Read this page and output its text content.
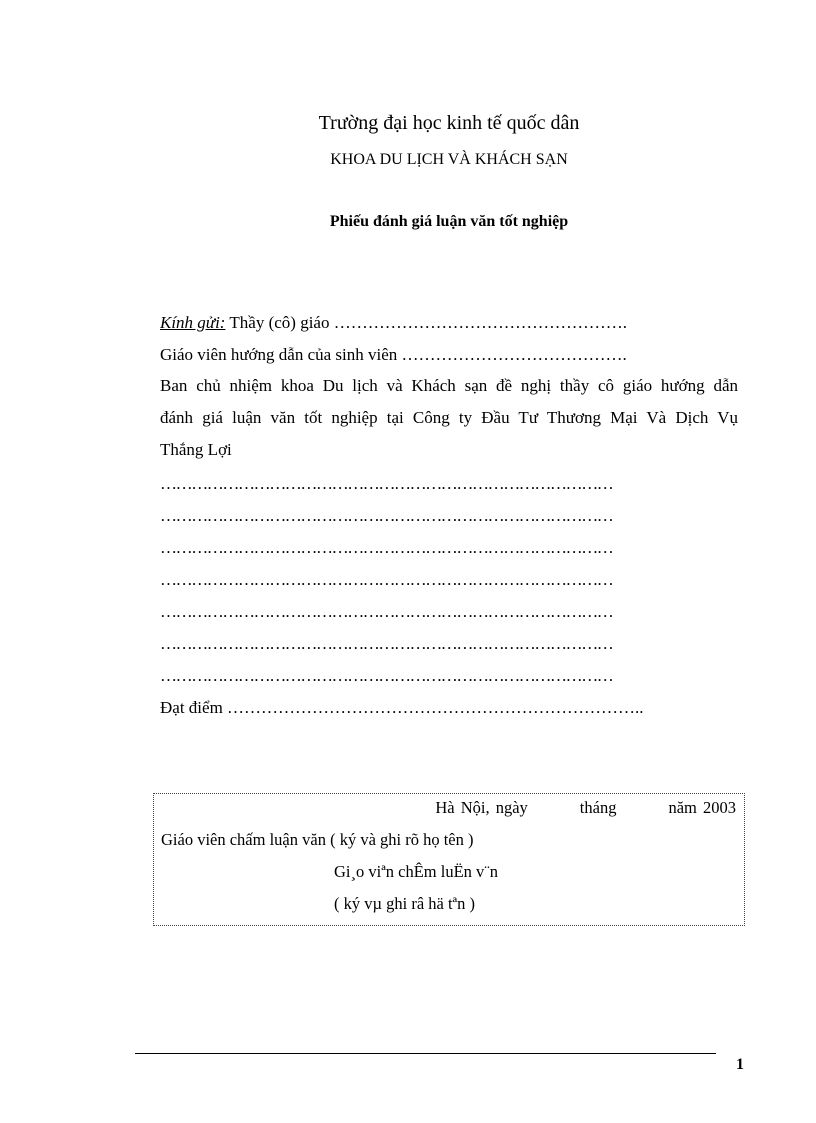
Trường đại học kinh tế quốc dân
KHOA DU LỊCH VÀ KHÁCH SẠN
Phiếu đánh giá luận văn tốt nghiệp
Kính gửi: Thầy (cô) giáo …………………………………………….
Giáo viên hướng dẫn của sinh viên ………………………………….
Ban chủ nhiệm khoa Du lịch và Khách sạn đề nghị thầy cô giáo hướng dẫn
đánh giá luận văn tốt nghiệp tại Công ty Đầu Tư Thương Mại Và Dịch Vụ
Thắng Lợi
……………………………………………………………………………
……………………………………………………………………………
……………………………………………………………………………
……………………………………………………………………………
……………………………………………………………………………
……………………………………………………………………………
……………………………………………………………………………
Đạt điểm ………………………………………………………………..
Hà Nội, ngày	tháng	năm 2003
Giáo viên chấm luận văn ( ký và ghi rõ họ tên )
Gi¸o viªn chÊm luËn v¨n
( ký vµ ghi râ hä tªn )
1
